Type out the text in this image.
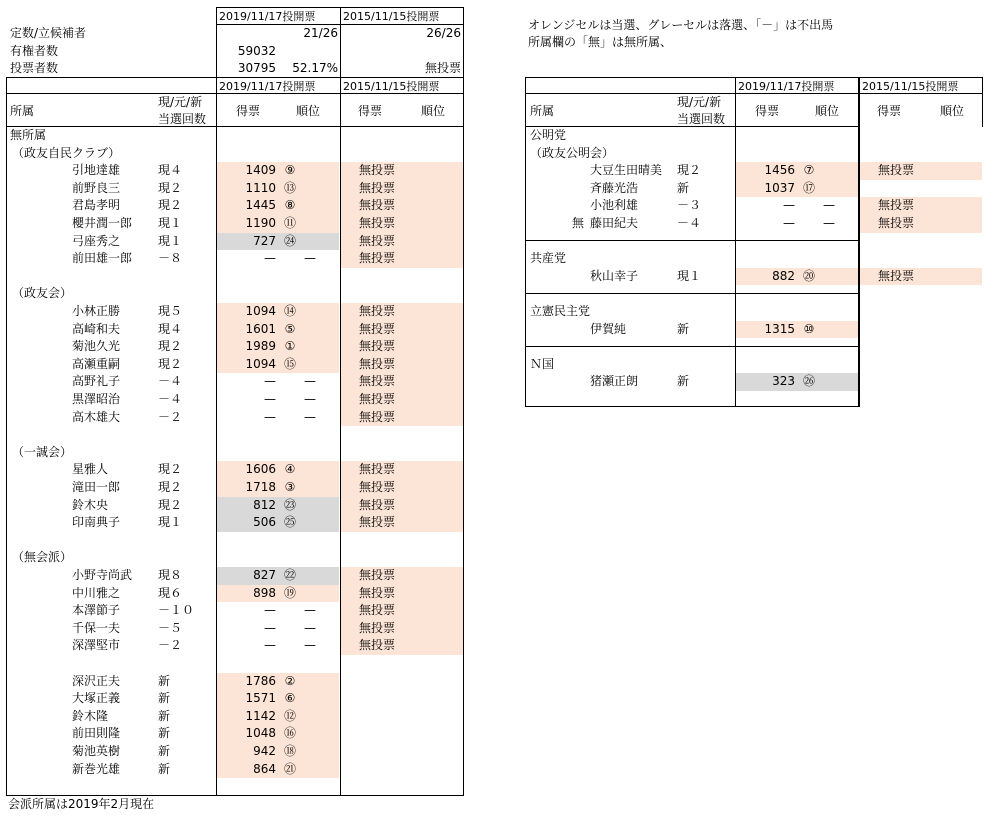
2019/11/17投開票	2015/11/15投開票
定数/立候補者	21/26	26/26
有権者数	59032
投票者数	30795	52.17%	無投票
2019/11/17投開票	2015/11/15投開票
所属
現/元/新
当選回数
得票	順位	得票	順位
無所属
（政友自民クラブ）
引地達雄	現４	1409 ⑨	無投票
前野良三	現２	1110 ⑬	無投票
君島孝明	現２	1445 ⑧	無投票
櫻井潤一郎 現１	1190 ⑪	無投票
弓座秀之	現１	727 ㉔	無投票
前田雄一郎 －８	—	—	無投票
（政友会）
小林正勝	現５	1094 ⑭	無投票
高崎和夫	現４	1601 ⑤	無投票
菊池久光	現２	1989 ①	無投票
高瀬重嗣	現２	1094 ⑮	無投票
高野礼子	－４	—	—	無投票
黒澤昭治	－４	—	—	無投票
高木雄大	－２	—	—	無投票
（一誠会）
星雅人	現２	1606 ④	無投票
滝田一郎	現２	1718 ③	無投票
鈴木央	現２	812 ㉓	無投票
印南典子	現１	506 ㉕	無投票
（無会派）
小野寺尚武 現８	827 ㉒	無投票
中川雅之	現６	898 ⑲	無投票
本澤節子	－１０	—	—	無投票
千保一夫	－５	—	—	無投票
深澤堅市	－２	—	—	無投票
深沢正夫	新	1786 ②
大塚正義	新	1571 ⑥
鈴木隆	新	1142 ⑫
前田則隆	新	1048 ⑯
菊池英樹	新	942 ⑱
新巻光雄	新	864 ㉑
会派所属は2019年2月現在
オレンジセルは当選、グレーセルは落選、「－」は不出馬
所属欄の「無」は無所属、
2019/11/17投開票	2015/11/15投開票
所属
現/元/新
当選回数
得票	順位	得票	順位
公明党
（政友公明会）
大豆生田晴美 現２	1456 ⑦	無投票
斉藤光浩	新	1037 ⑰
小池利雄	－３	—	—	無投票
無 藤田紀夫	－４	—	—	無投票
共産党
秋山幸子	現１	882 ⑳	無投票
立憲民主党
伊賀純	新	1315 ⑩
Ｎ国
猪瀬正朗	新	323 ㉖
